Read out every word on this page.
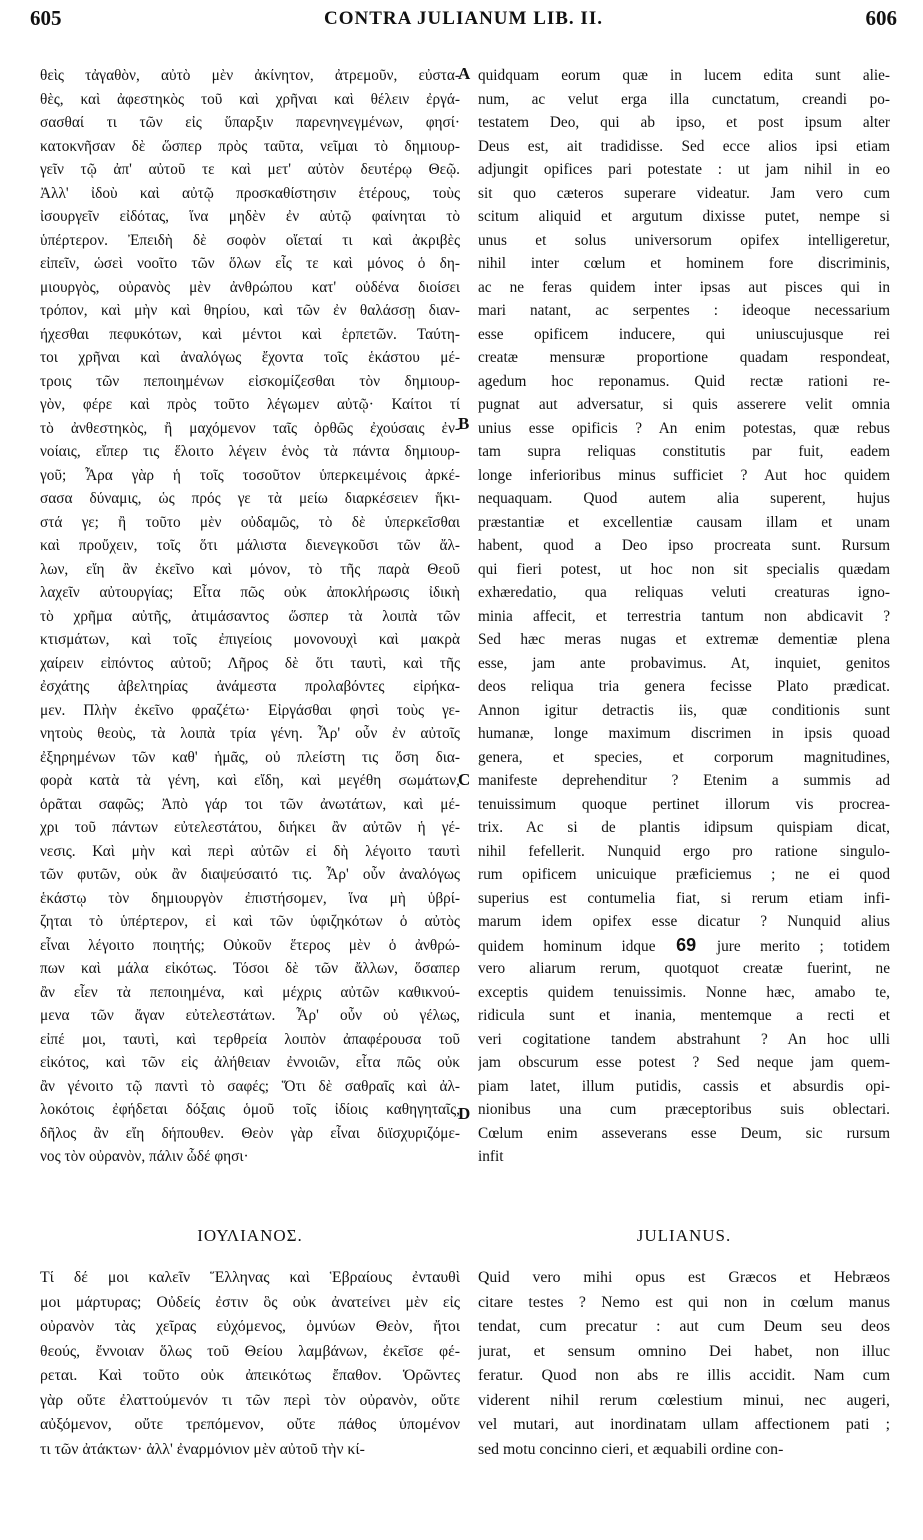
605	CONTRA JULIANUM LIB. II.	606
θεὶς τἀγαθὸν, αὐτὸ μὲν ἀκίνητον, ἀτρεμοῦν, εὐστα-
θὲς, καὶ ἀφεστηκὸς τοῦ καὶ χρῆναι καὶ θέλειν ἐργά-
σασθαί τι τῶν εἰς ὕπαρξιν παρενηνεγμένων, φησί·
κατοκνῆσαν δὲ ὥσπερ πρὸς ταῦτα, νεῖμαι τὸ δημιουρ-
γεῖν τῷ ἀπ' αὐτοῦ τε καὶ μετ' αὐτὸν δευτέρῳ Θεῷ.
Ἀλλ' ἰδοὺ καὶ αὐτῷ προσκαθίστησιν ἑτέρους, τοὺς
ἰσουργεῖν εἰδότας, ἵνα μηδὲν ἐν αὐτῷ φαίνηται τὸ
ὑπέρτερον. Ἐπειδὴ δὲ σοφὸν οἴεταί τι καὶ ἀκριβὲς
εἰπεῖν, ὡσεὶ νοοῖτο τῶν ὅλων εἷς τε καὶ μόνος ὁ δη-
μιουργὸς, οὐρανὸς μὲν ἀνθρώπου κατ' οὐδένα διοίσει
τρόπον, καὶ μὴν καὶ θηρίου, καὶ τῶν ἐν θαλάσσῃ διαν-
ήχεσθαι πεφυκότων, καὶ μέντοι καὶ ἑρπετῶν. Ταύτη-
τοι χρῆναι καὶ ἀναλόγως ἔχοντα τοῖς ἑκάστου μέ-
τροις τῶν πεποιημένων εἰσκομίζεσθαι τὸν δημιουρ-
γὸν, φέρε καὶ πρὸς τοῦτο λέγωμεν αὐτῷ· Καίτοι τί
τὸ ἀνθεστηκὸς, ἢ μαχόμενον ταῖς ὀρθῶς ἐχούσαις ἐν-
νοίαις, εἴπερ τις ἕλοιτο λέγειν ἑνὸς τὰ πάντα δημιουρ-
γοῦ; Ἆρα γὰρ ἡ τοῖς τοσοῦτον ὑπερκειμένοις ἀρκέ-
σασα δύναμις, ὡς πρός γε τὰ μείω διαρκέσειεν ἥκι-
στά γε; ἢ τοῦτο μὲν οὐδαμῶς, τὸ δὲ ὑπερκεῖσθαι
καὶ προὔχειν, τοῖς ὅτι μάλιστα διενεγκοῦσι τῶν ἄλ-
λων, εἴη ἂν ἐκεῖνο καὶ μόνον, τὸ τῆς παρὰ Θεοῦ
λαχεῖν αὐτουργίας; Εἶτα πῶς οὐκ ἀποκλήρωσις ἰδικὴ
τὸ χρῆμα αὐτῆς, ἀτιμάσαντος ὥσπερ τὰ λοιπὰ τῶν
κτισμάτων, καὶ τοῖς ἐπιγείοις μονονουχὶ καὶ μακρὰ
χαίρειν εἰπόντος αὐτοῦ; Λῆρος δὲ ὅτι ταυτὶ, καὶ τῆς
ἐσχάτης ἀβελτηρίας ἀνάμεστα προλαβόντες εἰρήκα-
μεν. Πλὴν ἐκεῖνο φραζέτω· Εἰργάσθαι φησὶ τοὺς γε-
νητοὺς θεοὺς, τὰ λοιπὰ τρία γένη. Ἆρ' οὖν ἐν αὐτοῖς
ἐξηρημένων τῶν καθ' ἡμᾶς, οὐ πλείστη τις ὅση δια-
φορὰ κατὰ τὰ γένη, καὶ εἴδη, καὶ μεγέθη σωμάτων,
ὁρᾶται σαφῶς; Ἀπὸ γάρ τοι τῶν ἀνωτάτων, καὶ μέ-
χρι τοῦ πάντων εὐτελεστάτου, διήκει ἂν αὐτῶν ἡ γέ-
νεσις. Καὶ μὴν καὶ περὶ αὐτῶν εἰ δὴ λέγοιτο ταυτὶ
τῶν φυτῶν, οὐκ ἂν διαψεύσαιτό τις. Ἆρ' οὖν ἀναλόγως
ἑκάστῳ τὸν δημιουργὸν ἐπιστήσομεν, ἵνα μὴ ὑβρί-
ζηται τὸ ὑπέρτερον, εἰ καὶ τῶν ὑφιζηκότων ὁ αὐτὸς
εἶναι λέγοιτο ποιητής; Οὐκοῦν ἕτερος μὲν ὁ ἀνθρώ-
πων καὶ μάλα εἰκότως. Τόσοι δὲ τῶν ἄλλων, ὅσαπερ
ἂν εἶεν τὰ πεποιημένα, καὶ μέχρις αὐτῶν καθικνού-
μενα τῶν ἄγαν εὐτελεστάτων. Ἆρ' οὖν οὐ γέλως,
εἰπέ μοι, ταυτὶ, καὶ τερθρεία λοιπὸν ἀπαφέρουσα τοῦ
εἰκότος, καὶ τῶν εἰς ἀλήθειαν ἐννοιῶν, εἶτα πῶς οὐκ
ἂν γένοιτο τῷ παντὶ τὸ σαφές; Ὅτι δὲ σαθραῖς καὶ ἀλ-
λοκότοις ἐφήδεται δόξαις ὁμοῦ τοῖς ἰδίοις καθηγηταῖς,
δῆλος ἂν εἴη δήπουθεν. Θεὸν γὰρ εἶναι διϊσχυριζόμε-
νος τὸν οὐρανὸν, πάλιν ὧδέ φησι·
A
B
C
D
quidquam eorum quæ in lucem edita sunt alie-
num, ac velut erga illa cunctatum, creandi po-
testatem Deo, qui ab ipso, et post ipsum alter
Deus est, ait tradidisse. Sed ecce alios ipsi etiam
adjungit opifices pari potestate : ut jam nihil in eo
sit quo cæteros superare videatur. Jam vero cum
scitum aliquid et argutum dixisse putet, nempe si
unus et solus universorum opifex intelligeretur,
nihil inter cœlum et hominem fore discriminis,
ac ne feras quidem inter ipsas aut pisces qui in
mari natant, ac serpentes : ideoque necessarium
esse opificem inducere, qui uniuscujusque rei
creatæ mensuræ proportione quadam respondeat,
agedum hoc reponamus. Quid rectæ rationi re-
pugnat aut adversatur, si quis asserere velit omnia
unius esse opificis ? An enim potestas, quæ rebus
tam supra reliquas constitutis par fuit, eadem
longe inferioribus minus sufficiet ? Aut hoc quidem
nequaquam. Quod autem alia superent, hujus
præstantiæ et excellentiæ causam illam et unam
habent, quod a Deo ipso procreata sunt. Rursum
qui fieri potest, ut hoc non sit specialis quædam
exhæredatio, qua reliquas veluti creaturas igno-
minia affecit, et terrestria tantum non abdicavit ?
Sed hæc meras nugas et extremæ dementiæ plena
esse, jam ante probavimus. At, inquiet, genitos
deos reliqua tria genera fecisse Plato prædicat.
Annon igitur detractis iis, quæ conditionis sunt
humanæ, longe maximum discrimen in ipsis quoad
genera, et species, et corporum magnitudines,
manifeste deprehenditur ? Etenim a summis ad
tenuissimum quoque pertinet illorum vis procrea-
trix. Ac si de plantis idipsum quispiam dicat,
nihil fefellerit. Nunquid ergo pro ratione singulo-
rum opificem unicuique præficiemus ; ne ei quod
superius est contumelia fiat, si rerum etiam infi-
marum idem opifex esse dicatur ? Nunquid alius
quidem hominum idque 69 jure merito ; totidem
vero aliarum rerum, quotquot creatæ fuerint, ne
exceptis quidem tenuissimis. Nonne hæc, amabo te,
ridicula sunt et inania, mentemque a recti et
veri cogitatione tandem abstrahunt ? An hoc ulli
jam obscurum esse potest ? Sed neque jam quem-
piam latet, illum putidis, cassis et absurdis opi-
nionibus una cum præceptoribus suis oblectari.
Cœlum enim asseverans esse Deum, sic rursum
infit
ΙΟΥΛΙΑΝΟΣ.	JULIANUS.
Τί δέ μοι καλεῖν Ἕλληνας καὶ Ἑβραίους ἐνταυθὶ
μοι μάρτυρας; Οὐδείς ἐστιν ὃς οὐκ ἀνατείνει μὲν εἰς
οὐρανὸν τὰς χεῖρας εὐχόμενος, ὀμνύων Θεὸν, ἤτοι
θεούς, ἔννοιαν ὅλως τοῦ Θείου λαμβάνων, ἐκεῖσε φέ-
ρεται. Καὶ τοῦτο οὐκ ἀπεικότως ἔπαθον. Ὁρῶντες
γὰρ οὔτε ἐλαττούμενόν τι τῶν περὶ τὸν οὐρανὸν, οὔτε
αὐξόμενον, οὔτε τρεπόμενον, οὔτε πάθος ὑπομένον
τι τῶν ἀτάκτων· ἀλλ' ἐναρμόνιον μὲν αὐτοῦ τὴν κί-
Quid vero mihi opus est Græcos et Hebræos
citare testes ? Nemo est qui non in cœlum manus
tendat, cum precatur : aut cum Deum seu deos
jurat, et sensum omnino Dei habet, non illuc
feratur. Quod non abs re illis accidit. Nam cum
viderent nihil rerum cœlestium minui, nec augeri,
vel mutari, aut inordinatam ullam affectionem pati ;
sed motu concinno cieri, et æquabili ordine con-
